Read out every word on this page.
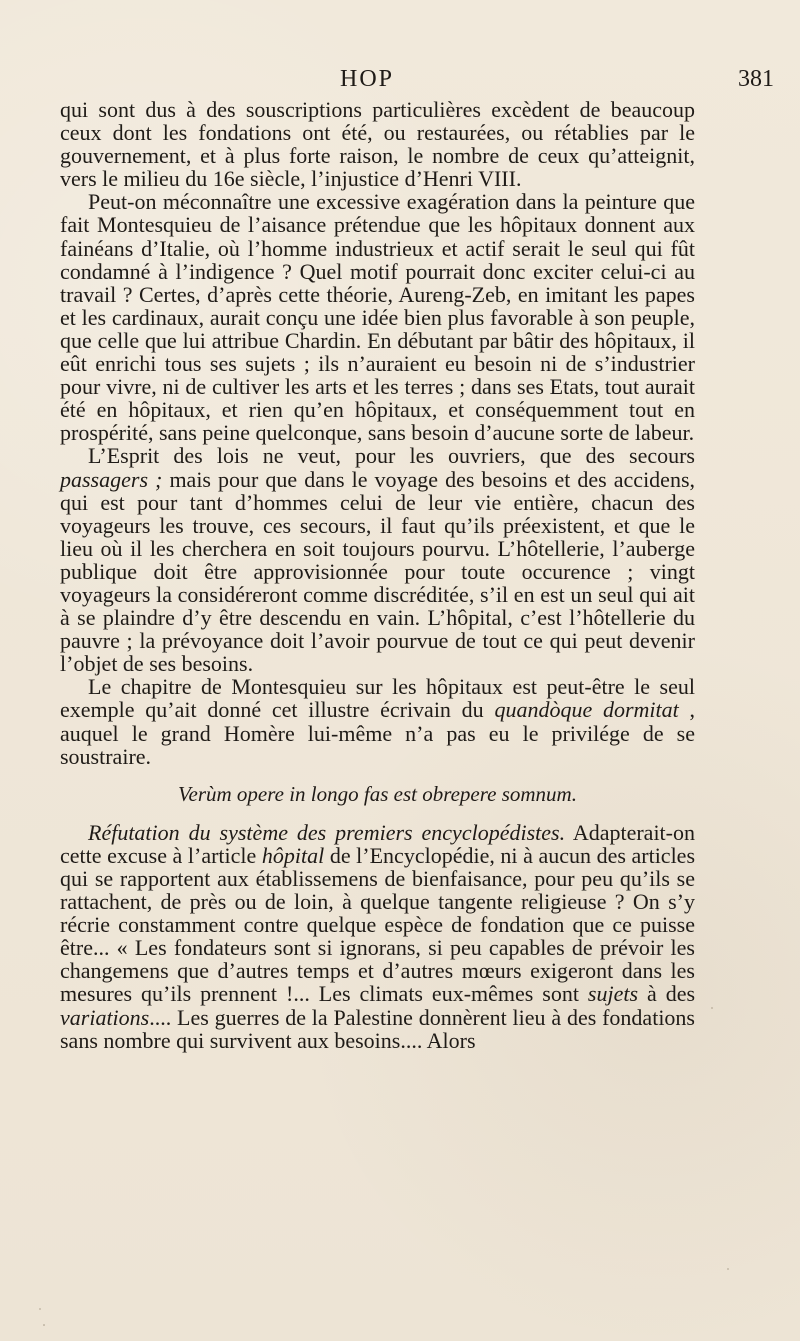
HOP	381

qui sont dus à des souscriptions particulières excèdent de beaucoup ceux dont les fondations ont été, ou restaurées, ou rétablies par le gouvernement, et à plus forte raison, le nombre de ceux qu’atteignit, vers le milieu du 16e siècle, l’injustice d’Henri VIII.

Peut-on méconnaître une excessive exagération dans la peinture que fait Montesquieu de l’aisance prétendue que les hôpitaux donnent aux fainéans d’Italie, où l’homme industrieux et actif serait le seul qui fût condamné à l’indigence ? Quel motif pourrait donc exciter celui-ci au travail ? Certes, d’après cette théorie, Aureng-Zeb, en imitant les papes et les cardinaux, aurait conçu une idée bien plus favorable à son peuple, que celle que lui attribue Chardin. En débutant par bâtir des hôpitaux, il eût enrichi tous ses sujets ; ils n’auraient eu besoin ni de s’industrier pour vivre, ni de cultiver les arts et les terres ; dans ses Etats, tout aurait été en hôpitaux, et rien qu’en hôpitaux, et conséquemment tout en prospérité, sans peine quelconque, sans besoin d’aucune sorte de labeur.

L’Esprit des lois ne veut, pour les ouvriers, que des secours passagers ; mais pour que dans le voyage des besoins et des accidens, qui est pour tant d’hommes celui de leur vie entière, chacun des voyageurs les trouve, ces secours, il faut qu’ils préexistent, et que le lieu où il les cherchera en soit toujours pourvu. L’hôtellerie, l’auberge publique doit être approvisionnée pour toute occurence ; vingt voyageurs la considéreront comme discréditée, s’il en est un seul qui ait à se plaindre d’y être descendu en vain. L’hôpital, c’est l’hôtellerie du pauvre ; la prévoyance doit l’avoir pourvue de tout ce qui peut devenir l’objet de ses besoins.

Le chapitre de Montesquieu sur les hôpitaux est peut-être le seul exemple qu’ait donné cet illustre écrivain du quandòque dormitat , auquel le grand Homère lui-même n’a pas eu le privilége de se soustraire.

Verùm opere in longo fas est obrepere somnum.

Réfutation du système des premiers encyclopédistes. Adapterait-on cette excuse à l’article hôpital de l’Encyclopédie, ni à aucun des articles qui se rapportent aux établissemens de bienfaisance, pour peu qu’ils se rattachent, de près ou de loin, à quelque tangente religieuse ? On s’y récrie constamment contre quelque espèce de fondation que ce puisse être... « Les fondateurs sont si ignorans, si peu capables de prévoir les changemens que d’autres temps et d’autres mœurs exigeront dans les mesures qu’ils prennent !... Les climats eux-mêmes sont sujets à des variations.... Les guerres de la Palestine donnèrent lieu à des fondations sans nombre qui survivent aux besoins.... Alors
